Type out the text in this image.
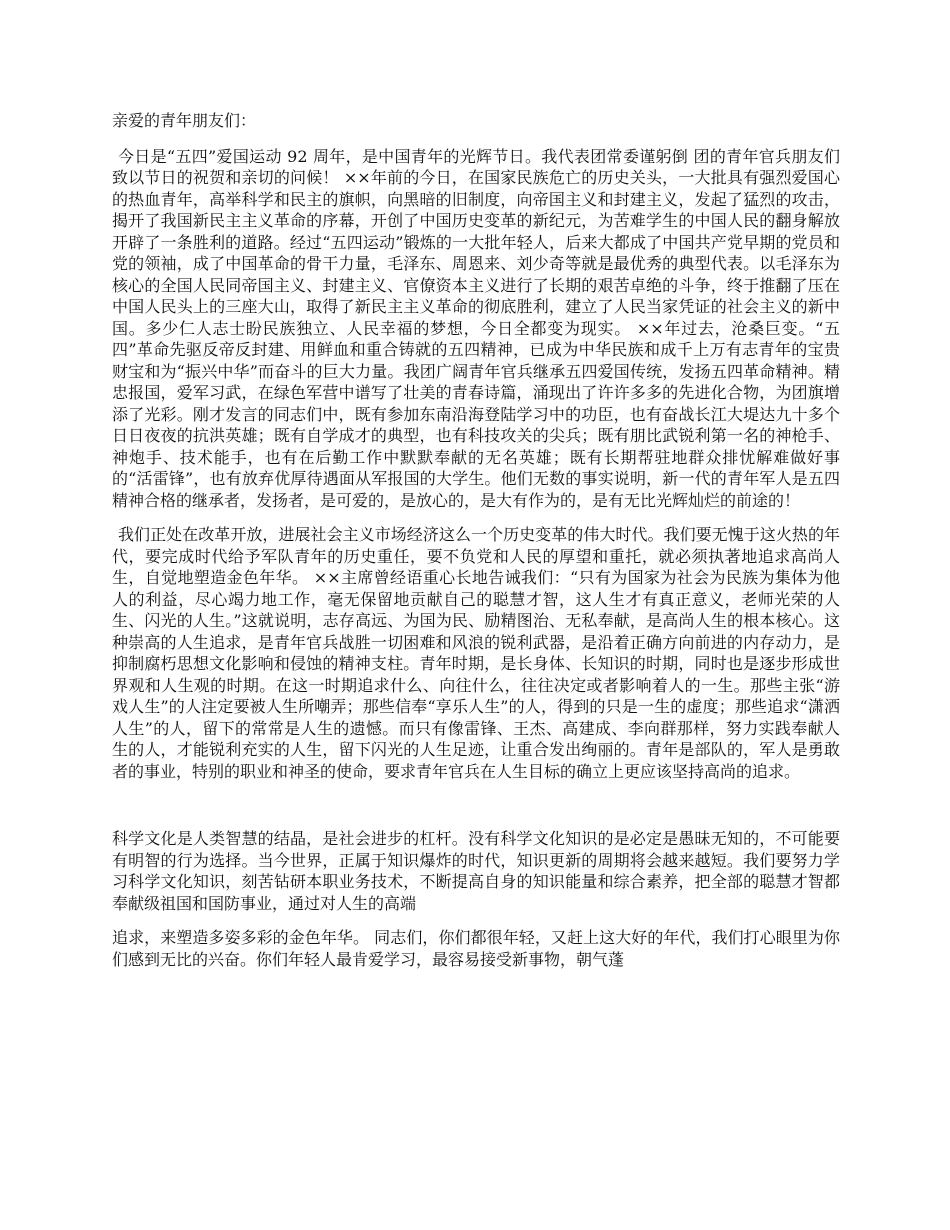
亲爱的青年朋友们：

今日是“五四”爱国运动 92 周年，是中国青年的光辉节日。我代表团常委谨躬倒 团的青年官兵朋友们致以节日的祝贺和亲切的问候！ ××年前的今日，在国家民族危亡的历史关头，一大批具有强烈爱国心的热血青年，高举科学和民主的旗帜，向黑暗的旧制度，向帝国主义和封建主义，发起了猛烈的攻击，揭开了我国新民主主义革命的序幕，开创了中国历史变革的新纪元，为苦难学生的中国人民的翻身解放开辟了一条胜利的道路。经过“五四运动”锻炼的一大批年轻人，后来大都成了中国共产党早期的党员和党的领袖，成了中国革命的骨干力量，毛泽东、周恩来、刘少奇等就是最优秀的典型代表。以毛泽东为核心的全国人民同帝国主义、封建主义、官僚资本主义进行了长期的艰苦卓绝的斗争，终于推翻了压在中国人民头上的三座大山，取得了新民主主义革命的彻底胜利，建立了人民当家凭证的社会主义的新中国。多少仁人志士盼民族独立、人民幸福的梦想，今日全都变为现实。 ××年过去，沧桑巨变。“五四”革命先驱反帝反封建、用鲜血和重合铸就的五四精神，已成为中华民族和成千上万有志青年的宝贵财宝和为“振兴中华”而奋斗的巨大力量。我团广阔青年官兵继承五四爱国传统，发扬五四革命精神。精忠报国，爱军习武，在绿色军营中谱写了壮美的青春诗篇，涌现出了许许多多的先进化合物，为团旗增添了光彩。刚才发言的同志们中，既有参加东南沿海登陆学习中的功臣，也有奋战长江大堤达九十多个日日夜夜的抗洪英雄；既有自学成才的典型，也有科技攻关的尖兵；既有朋比武锐利第一名的神枪手、神炮手、技术能手，也有在后勤工作中默默奉献的无名英雄；既有长期帮驻地群众排忧解难做好事的“活雷锋”，也有放弃优厚待遇面从军报国的大学生。他们无数的事实说明，新一代的青年军人是五四精神合格的继承者，发扬者，是可爱的，是放心的，是大有作为的，是有无比光辉灿烂的前途的！

我们正处在改革开放，进展社会主义市场经济这么一个历史变革的伟大时代。我们要无愧于这火热的年代，要完成时代给予军队青年的历史重任，要不负党和人民的厚望和重托，就必须执著地追求高尚人生，自觉地塑造金色年华。 ××主席曾经语重心长地告诫我们：“只有为国家为社会为民族为集体为他人的利益，尽心竭力地工作，毫无保留地贡献自己的聪慧才智，这人生才有真正意义，老师光荣的人生、闪光的人生。”这就说明，志存高远、为国为民、励精图治、无私奉献，是高尚人生的根本核心。这种崇高的人生追求，是青年官兵战胜一切困难和风浪的锐利武器，是沿着正确方向前进的内存动力，是抑制腐朽思想文化影响和侵蚀的精神支柱。青年时期，是长身体、长知识的时期，同时也是逐步形成世界观和人生观的时期。在这一时期追求什么、向往什么，往往决定或者影响着人的一生。那些主张“游戏人生”的人注定要被人生所嘲弄；那些信奉“享乐人生”的人，得到的只是一生的虚度；那些追求“潇洒人生”的人，留下的常常是人生的遗憾。而只有像雷锋、王杰、高建成、李向群那样，努力实践奉献人生的人，才能锐利充实的人生，留下闪光的人生足迹，让重合发出绚丽的。青年是部队的，军人是勇敢者的事业，特别的职业和神圣的使命，要求青年官兵在人生目标的确立上更应该坚持高尚的追求。

科学文化是人类智慧的结晶，是社会进步的杠杆。没有科学文化知识的是必定是愚昧无知的，不可能要有明智的行为选择。当今世界，正属于知识爆炸的时代，知识更新的周期将会越来越短。我们要努力学习科学文化知识，刻苦钻研本职业务技术，不断提高自身的知识能量和综合素养，把全部的聪慧才智都奉献级祖国和国防事业，通过对人生的高端

追求，来塑造多姿多彩的金色年华。 同志们，你们都很年轻，又赶上这大好的年代，我们打心眼里为你们感到无比的兴奋。你们年轻人最肯爱学习，最容易接受新事物，朝气蓬
